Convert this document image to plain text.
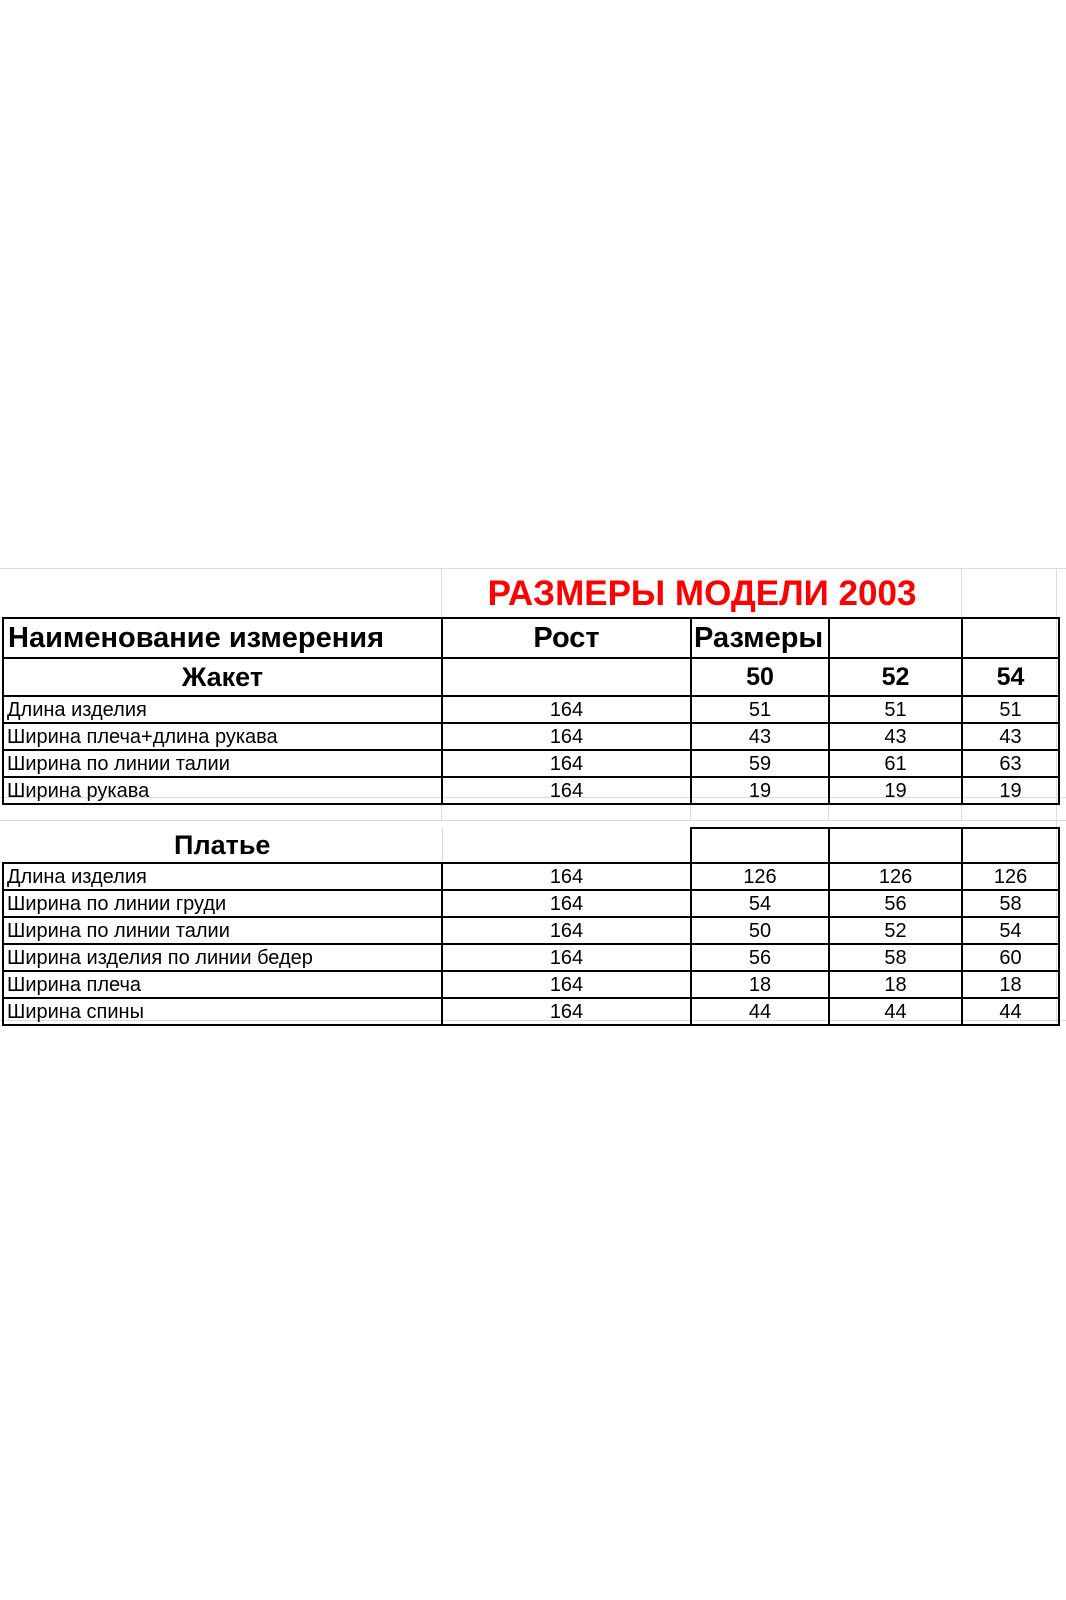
	РАЗМЕРЫ МОДЕЛИ 2003			
Наименование измерения	Рост	Размеры		
Жакет		50	52	54
Длина изделия	164	51	51	51
Ширина плеча+длина рукава	164	43	43	43
Ширина по линии талии	164	59	61	63
Ширина рукава	164	19	19	19

Платье				
Длина изделия	164	126	126	126
Ширина по линии груди	164	54	56	58
Ширина по линии талии	164	50	52	54
Ширина изделия по линии бедер	164	56	58	60
Ширина плеча	164	18	18	18
Ширина спины	164	44	44	44
